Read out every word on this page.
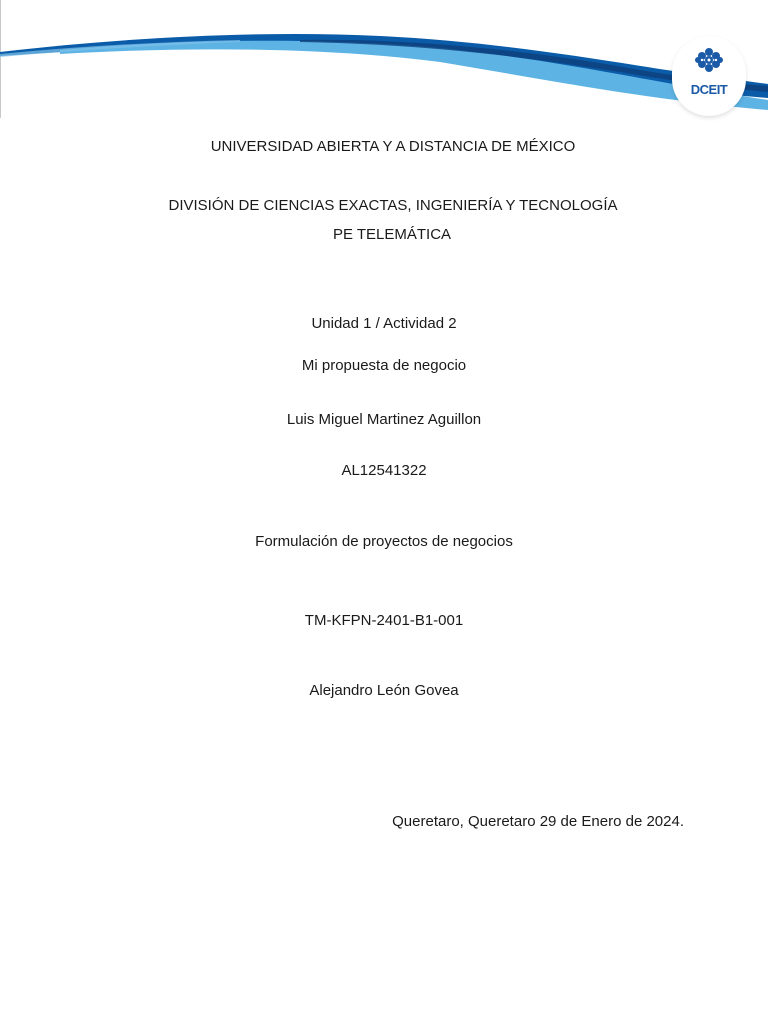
DCEIT
UNIVERSIDAD ABIERTA Y A DISTANCIA DE MÉXICO
DIVISIÓN DE CIENCIAS EXACTAS, INGENIERÍA Y TECNOLOGÍA
PE TELEMÁTICA
Unidad 1 / Actividad 2
Mi propuesta de negocio
Luis Miguel Martinez Aguillon
AL12541322
Formulación de proyectos de negocios
TM-KFPN-2401-B1-001
Alejandro León Govea
Queretaro, Queretaro 29 de Enero de 2024.
